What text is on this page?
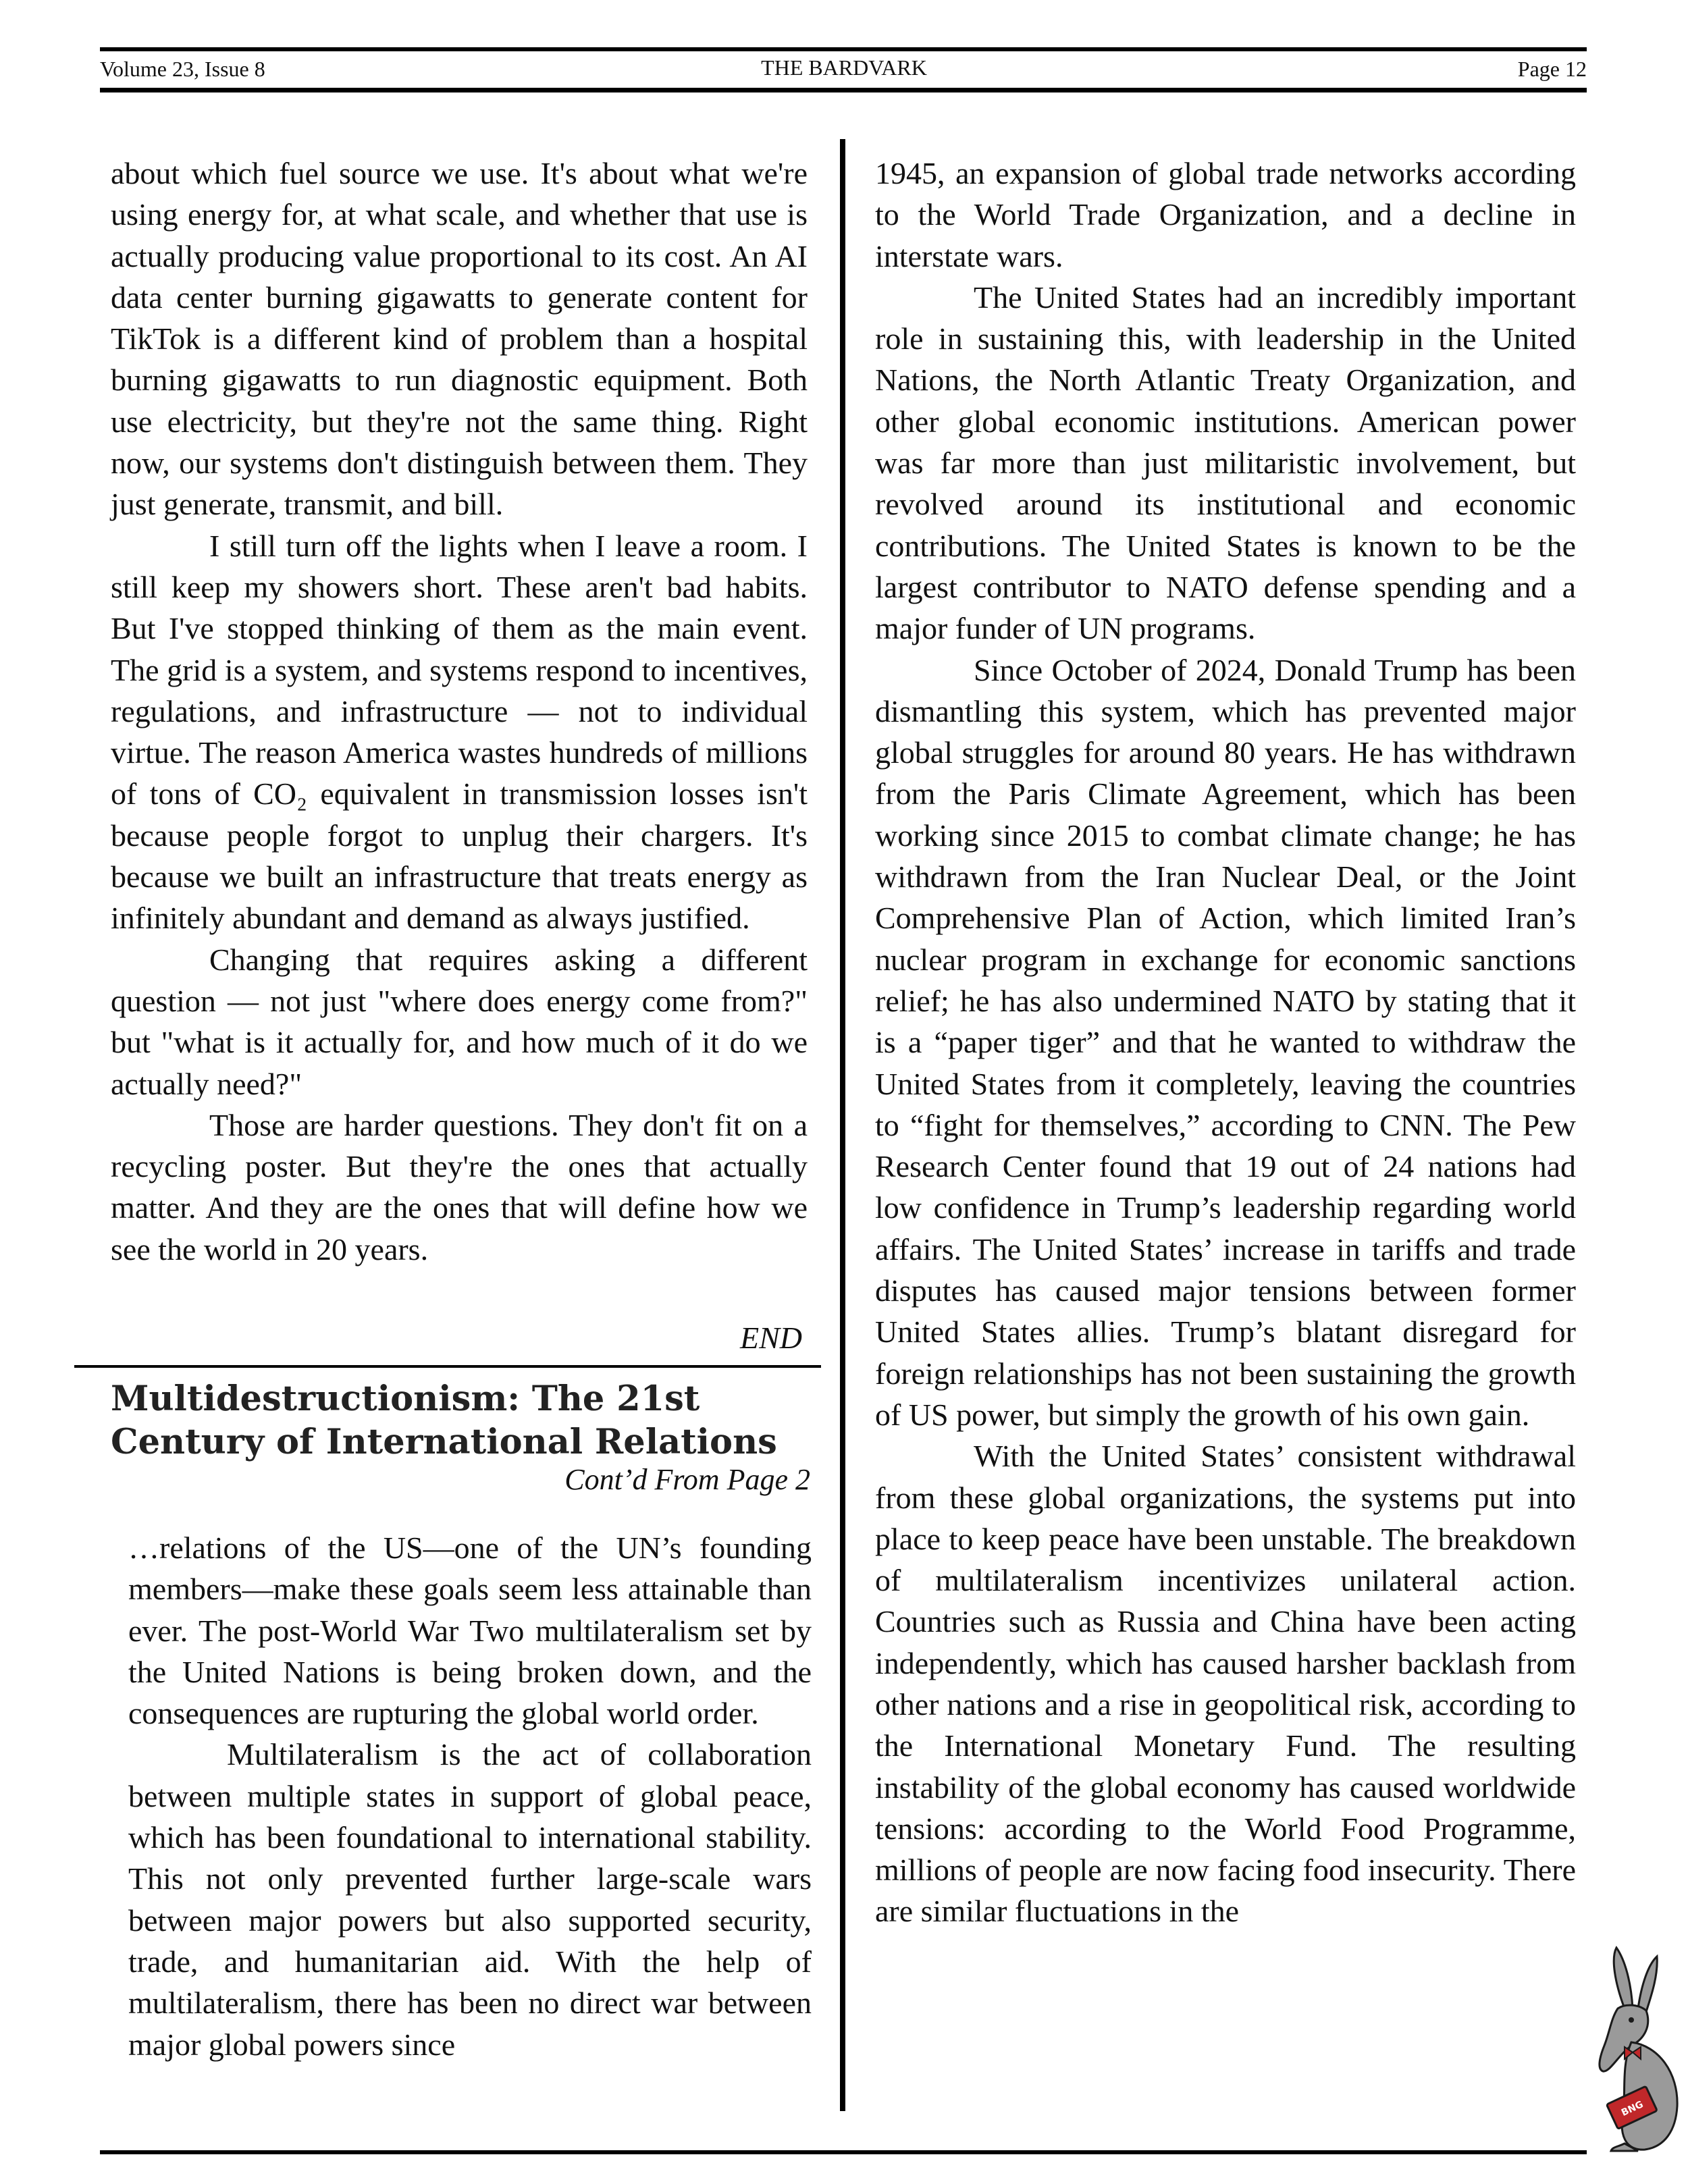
Volume 23, Issue 8	THE BARDVARK	Page 12

about which fuel source we use. It's about what we're using energy for, at what scale, and whether that use is actually producing value proportional to its cost. An AI data center burning gigawatts to generate content for TikTok is a different kind of problem than a hospital burning gigawatts to run diagnostic equipment. Both use electricity, but they're not the same thing. Right now, our systems don't distinguish between them. They just generate, transmit, and bill.

I still turn off the lights when I leave a room. I still keep my showers short. These aren't bad habits. But I've stopped thinking of them as the main event. The grid is a system, and systems respond to incentives, regulations, and infrastructure — not to individual virtue. The reason America wastes hundreds of millions of tons of CO₂ equivalent in transmission losses isn't because people forgot to unplug their chargers. It's because we built an infrastructure that treats energy as infinitely abundant and demand as always justified.

Changing that requires asking a different question — not just "where does energy come from?" but "what is it actually for, and how much of it do we actually need?"

Those are harder questions. They don't fit on a recycling poster. But they're the ones that actually matter. And they are the ones that will define how we see the world in 20 years.

END
Multidestructionism: The 21st Century of International Relations
Cont’d From Page 2

…relations of the US—one of the UN’s founding members—make these goals seem less attainable than ever. The post-World War Two multilateralism set by the United Nations is being broken down, and the consequences are rupturing the global world order.

Multilateralism is the act of collaboration between multiple states in support of global peace, which has been foundational to international stability. This not only prevented further large-scale wars between major powers but also supported security, trade, and humanitarian aid. With the help of multilateralism, there has been no direct war between major global powers since

1945, an expansion of global trade networks according to the World Trade Organization, and a decline in interstate wars.

The United States had an incredibly important role in sustaining this, with leadership in the United Nations, the North Atlantic Treaty Organization, and other global economic institutions. American power was far more than just militaristic involvement, but revolved around its institutional and economic contributions. The United States is known to be the largest contributor to NATO defense spending and a major funder of UN programs.

Since October of 2024, Donald Trump has been dismantling this system, which has prevented major global struggles for around 80 years. He has withdrawn from the Paris Climate Agreement, which has been working since 2015 to combat climate change; he has withdrawn from the Iran Nuclear Deal, or the Joint Comprehensive Plan of Action, which limited Iran’s nuclear program in exchange for economic sanctions relief; he has also undermined NATO by stating that it is a “paper tiger” and that he wanted to withdraw the United States from it completely, leaving the countries to “fight for themselves,” according to CNN. The Pew Research Center found that 19 out of 24 nations had low confidence in Trump’s leadership regarding world affairs. The United States’ increase in tariffs and trade disputes has caused major tensions between former United States allies. Trump’s blatant disregard for foreign relationships has not been sustaining the growth of US power, but simply the growth of his own gain.

With the United States’ consistent withdrawal from these global organizations, the systems put into place to keep peace have been unstable. The breakdown of multilateralism incentivizes unilateral action. Countries such as Russia and China have been acting independently, which has caused harsher backlash from other nations and a rise in geopolitical risk, according to the International Monetary Fund. The resulting instability of the global economy has caused worldwide tensions: according to the World Food Programme, millions of people are now facing food insecurity. There are similar fluctuations in the

BNG
